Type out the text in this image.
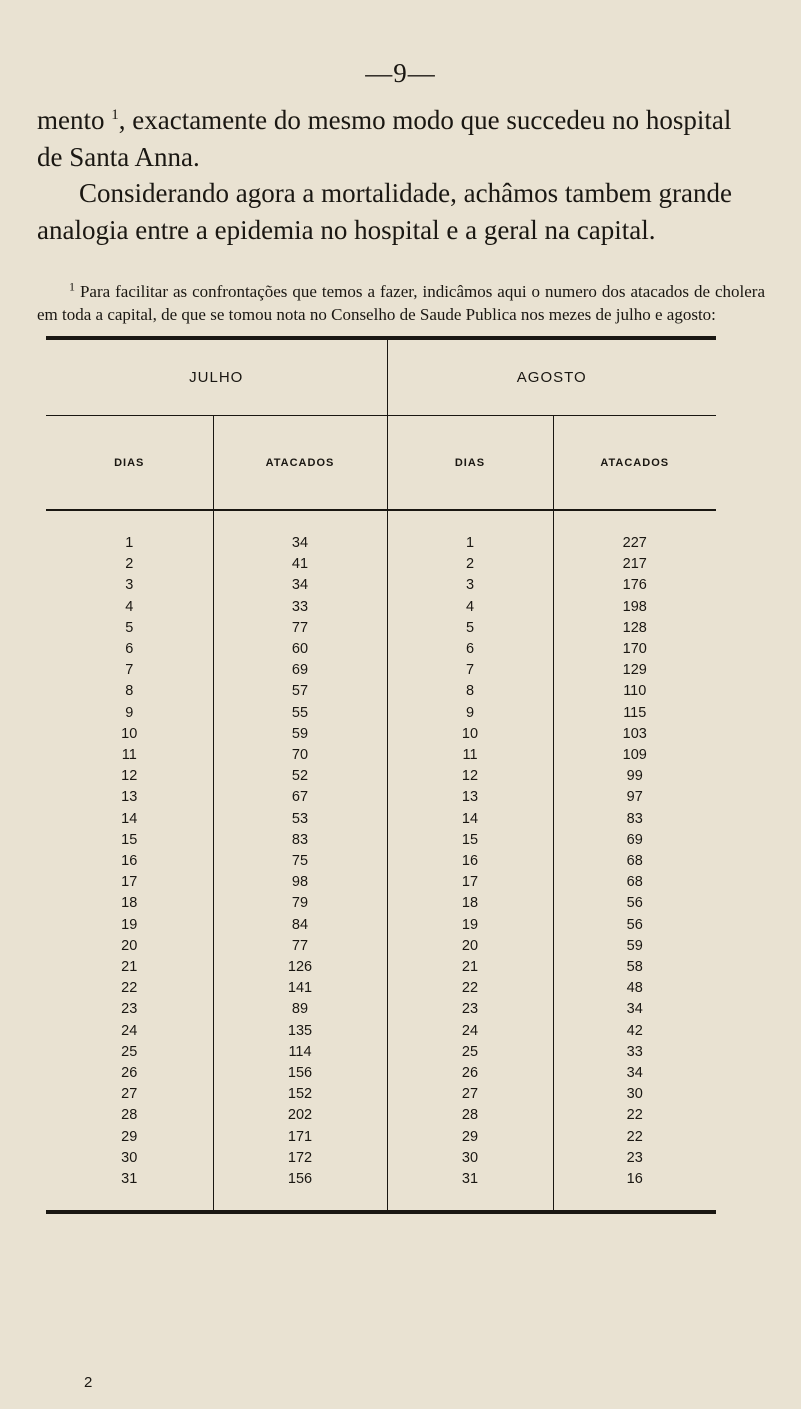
—9—

mento $^1$, exactamente do mesmo modo que succedeu no hospital de Santa Anna.

Considerando agora a mortalidade, achâmos tambem grande analogia entre a epidemia no hospital e a geral na capital.

$^1$ Para facilitar as confrontações que temos a fazer, indicâmos aqui o numero dos atacados de cholera em toda a capital, de que se tomou nota no Conselho de Saude Publica nos mezes de julho e agosto:

JULHO		AGOSTO	
DIAS	ATACADOS	DIAS	ATACADOS
1	34	1	227
2	41	2	217
3	34	3	176
4	33	4	198
5	77	5	128
6	60	6	170
7	69	7	129
8	57	8	110
9	55	9	115
10	59	10	103
11	70	11	109
12	52	12	99
13	67	13	97
14	53	14	83
15	83	15	69
16	75	16	68
17	98	17	68
18	79	18	56
19	84	19	56
20	77	20	59
21	126	21	58
22	141	22	48
23	89	23	34
24	135	24	42
25	114	25	33
26	156	26	34
27	152	27	30
28	202	28	22
29	171	29	22
30	172	30	23
31	156	31	16

2
